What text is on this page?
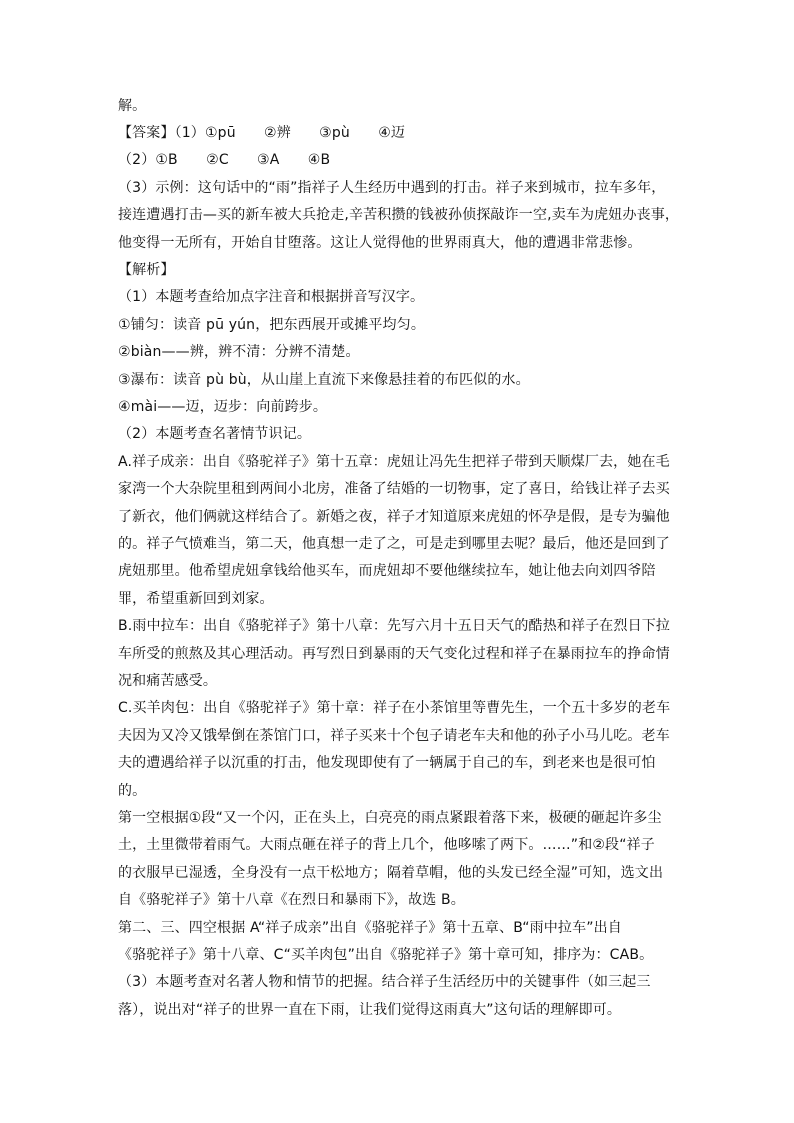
解。
【答案】（1）①pū　　②辨　　③pù　　④迈
（2）①B　　②C　　③A　　④B
（3）示例：这句话中的“雨”指祥子人生经历中遇到的打击。祥子来到城市，拉车多年，
接连遭遇打击—买的新车被大兵抢走,辛苦积攒的钱被孙侦探敲诈一空,卖车为虎妞办丧事，
他变得一无所有，开始自甘堕落。这让人觉得他的世界雨真大，他的遭遇非常悲惨。
【解析】
（1）本题考查给加点字注音和根据拼音写汉字。
①铺匀：读音 pū yún，把东西展开或摊平均匀。
②biàn——辨，辨不清：分辨不清楚。
③瀑布：读音 pù bù，从山崖上直流下来像悬挂着的布匹似的水。
④mài——迈，迈步：向前跨步。
（2）本题考查名著情节识记。
A.祥子成亲：出自《骆驼祥子》第十五章：虎妞让冯先生把祥子带到天顺煤厂去，她在毛
家湾一个大杂院里租到两间小北房，准备了结婚的一切物事，定了喜日，给钱让祥子去买
了新衣，他们俩就这样结合了。新婚之夜，祥子才知道原来虎妞的怀孕是假，是专为骗他
的。祥子气愤难当，第二天，他真想一走了之，可是走到哪里去呢？最后，他还是回到了
虎妞那里。他希望虎妞拿钱给他买车，而虎妞却不要他继续拉车，她让他去向刘四爷陪
罪，希望重新回到刘家。
B.雨中拉车：出自《骆驼祥子》第十八章：先写六月十五日天气的酷热和祥子在烈日下拉
车所受的煎熬及其心理活动。再写烈日到暴雨的天气变化过程和祥子在暴雨拉车的挣命情
况和痛苦感受。
C.买羊肉包：出自《骆驼祥子》第十章：祥子在小茶馆里等曹先生，一个五十多岁的老车
夫因为又冷又饿晕倒在茶馆门口，祥子买来十个包子请老车夫和他的孙子小马儿吃。老车
夫的遭遇给祥子以沉重的打击，他发现即使有了一辆属于自己的车，到老来也是很可怕
的。
第一空根据①段“又一个闪，正在头上，白亮亮的雨点紧跟着落下来，极硬的砸起许多尘
土，土里微带着雨气。大雨点砸在祥子的背上几个，他哆嗦了两下。……”和②段“祥子
的衣服早已湿透，全身没有一点干松地方；隔着草帽，他的头发已经全湿”可知，选文出
自《骆驼祥子》第十八章《在烈日和暴雨下》，故选 B。
第二、三、四空根据 A“祥子成亲”出自《骆驼祥子》第十五章、B“雨中拉车”出自
《骆驼祥子》第十八章、C“买羊肉包”出自《骆驼祥子》第十章可知，排序为：CAB。
（3）本题考查对名著人物和情节的把握。结合祥子生活经历中的关键事件（如三起三
落），说出对“祥子的世界一直在下雨，让我们觉得这雨真大”这句话的理解即可。
